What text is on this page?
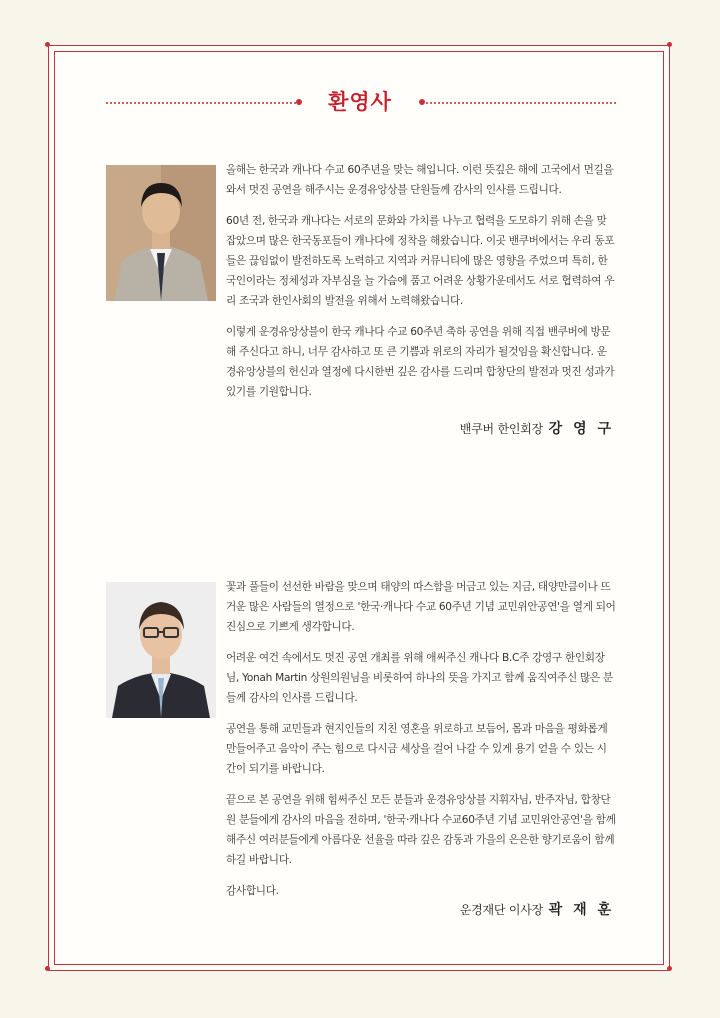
환영사

올해는 한국과 캐나다 수교 60주년을 맞는 해입니다. 이런 뜻깊은 해에 고국에서 먼길을 와서 멋진 공연을 해주시는 운경유앙상블 단원들께 감사의 인사를 드립니다.

60년 전, 한국과 캐나다는 서로의 문화와 가치를 나누고 협력을 도모하기 위해 손을 맞잡았으며 많은 한국동포들이 캐나다에 정착을 해왔습니다. 이곳 밴쿠버에서는 우리 동포들은 끊임없이 발전하도록 노력하고 지역과 커뮤니티에 많은 영향을 주었으며 특히, 한국인이라는 정체성과 자부심을 늘 가슴에 품고 어려운 상황가운데서도 서로 협력하여 우리 조국과 한인사회의 발전을 위해서 노력해왔습니다.

이렇게 운경유앙상블이 한국 캐나다 수교 60주년 축하 공연을 위해 직접 밴쿠버에 방문해 주신다고 하니, 너무 감사하고 또 큰 기쁨과 위로의 자리가 될것임을 확신합니다. 운경유앙상블의 헌신과 열정에 다시한번 깊은 감사를 드리며 합창단의 발전과 멋진 성과가 있기를 기원합니다.

밴쿠버 한인회장 강 영 구

꽃과 풀들이 선선한 바람을 맞으며 태양의 따스함을 머금고 있는 지금, 태양만큼이나 뜨거운 많은 사람들의 열정으로 '한국·캐나다 수교 60주년 기념 교민위안공연'을 열게 되어 진심으로 기쁘게 생각합니다.

어려운 여건 속에서도 멋진 공연 개최를 위해 애써주신 캐나다 B.C주 강영구 한인회장님, Yonah Martin 상원의원님을 비롯하여 하나의 뜻을 가지고 함께 움직여주신 많은 분들께 감사의 인사를 드립니다.

공연을 통해 교민들과 현지인들의 지친 영혼을 위로하고 보듬어, 몸과 마음을 평화롭게 만들어주고 음악이 주는 힘으로 다시금 세상을 걸어 나갈 수 있게 용기 얻을 수 있는 시간이 되기를 바랍니다.

끝으로 본 공연을 위해 힘써주신 모든 분들과 운경유앙상블 지휘자님, 반주자님, 합창단원 분들에게 감사의 마음을 전하며, '한국·캐나다 수교60주년 기념 교민위안공연'을 함께해주신 여러분들에게 아름다운 선율을 따라 깊은 감동과 가을의 은은한 향기로움이 함께하길 바랍니다.

감사합니다.

운경재단 이사장 곽 재 훈
